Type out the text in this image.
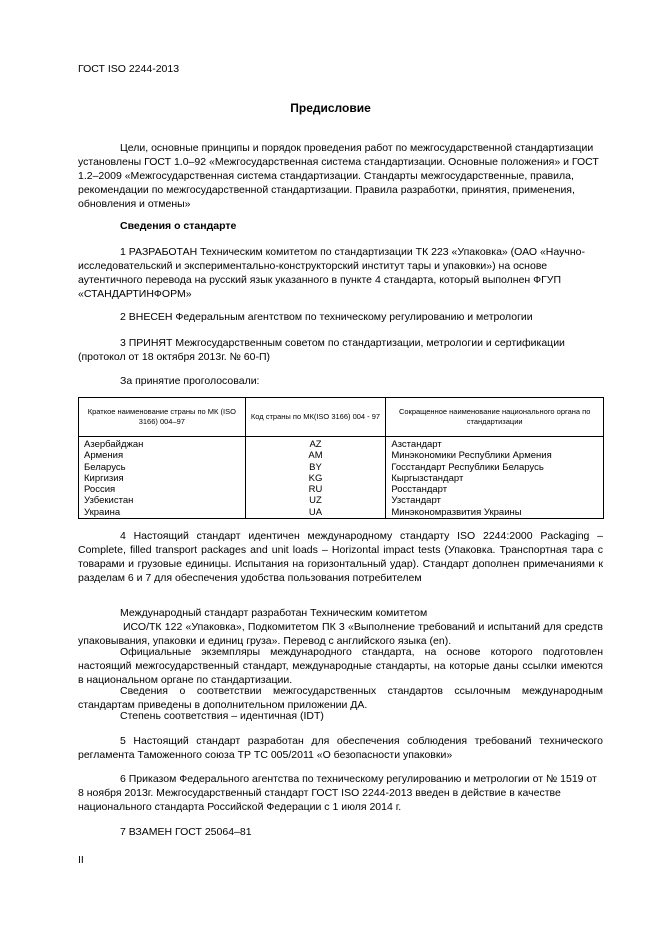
ГОСТ ISO 2244-2013
Предисловие
Цели, основные принципы и порядок проведения работ по межгосударственной стандартизации установлены ГОСТ 1.0–92 «Межгосударственная система стандартизации. Основные положения» и ГОСТ 1.2–2009 «Межгосударственная система стандартизации. Стандарты межгосударственные, правила, рекомендации по межгосударственной стандартизации. Правила разработки, принятия, применения, обновления и отмены»
Сведения о стандарте
1 РАЗРАБОТАН Техническим комитетом по стандартизации ТК 223 «Упаковка» (ОАО «Научно-исследовательский и экспериментально-конструкторский институт тары и упаковки») на основе аутентичного перевода на русский язык указанного в пункте 4 стандарта, который выполнен ФГУП «СТАНДАРТИНФОРМ»
2 ВНЕСЕН Федеральным агентством по техническому регулированию и метрологии
3 ПРИНЯТ Межгосударственным советом по стандартизации, метрологии и сертификации (протокол от 18 октября 2013г. № 60-П)
За принятие проголосовали:
Краткое наименование страны по МК (ISO 3166) 004–97	Код страны по МК(ISO 3166) 004 - 97	Сокращенное наименование национального органа по стандартизации
Азербайджан	AZ	Азстандарт
Армения	AM	Минэкономики Республики Армения
Беларусь	BY	Госстандарт Республики Беларусь
Киргизия	KG	Кыргызстандарт
Россия	RU	Росстандарт
Узбекистан	UZ	Узстандарт
Украина	UA	Минэкономразвития Украины
4 Настоящий стандарт идентичен международному стандарту ISO 2244:2000 Packaging – Complete, filled transport packages and unit loads – Horizontal impact tests (Упаковка. Транспортная тара с товарами и грузовые единицы. Испытания на горизонтальный удар). Стандарт дополнен примечаниями к разделам 6 и 7 для обеспечения удобства пользования потребителем
Международный стандарт разработан Техническим комитетом
ИСО/ТК 122 «Упаковка», Подкомитетом ПК 3 «Выполнение требований и испытаний для средств упаковывания, упаковки и единиц груза». Перевод с английского языка (en).
Официальные экземпляры международного стандарта, на основе которого подготовлен настоящий межгосударственный стандарт, международные стандарты, на которые даны ссылки имеются в национальном органе по стандартизации.
Сведения о соответствии межгосударственных стандартов ссылочным международным стандартам приведены в дополнительном приложении ДА.
Степень соответствия – идентичная (IDT)
5 Настоящий стандарт разработан для обеспечения соблюдения требований технического регламента Таможенного союза ТР ТС 005/2011 «О безопасности упаковки»
6 Приказом Федерального агентства по техническому регулированию и метрологии от № 1519 от 8 ноября 2013г. Межгосударственный стандарт ГОСТ ISO 2244-2013 введен в действие в качестве национального стандарта Российской Федерации с 1 июля 2014 г.
7 ВЗАМЕН ГОСТ 25064–81
II
